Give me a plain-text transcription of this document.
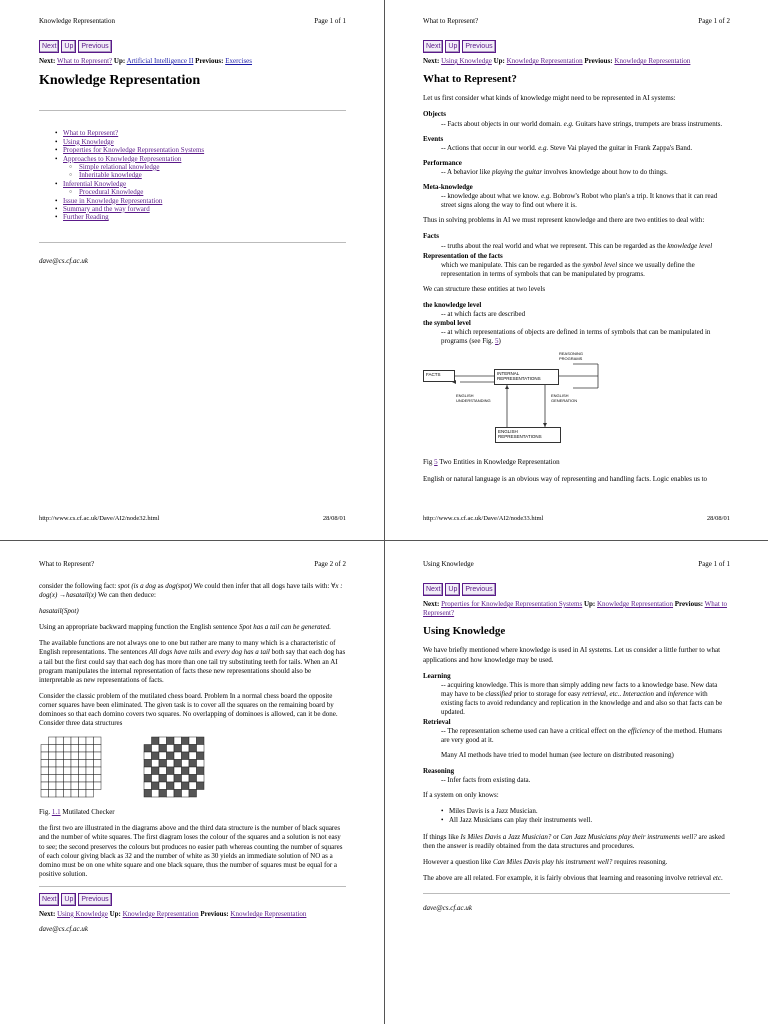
Knowledge Representation	Page 1 of 1
Next	Up	Previous
Next: What to Represent? Up: Artificial Intelligence II Previous: Exercises
Knowledge Representation
• What to Represent?
• Using Knowledge
• Properties for Knowledge Representation Systems
• Approaches to Knowledge Representation
○ Simple relational knowledge
○ Inheritable knowledge
• Inferential Knowledge
○ Procedural Knowledge
• Issue in Knowledge Representation
• Summary and the way forward
• Further Reading
dave@cs.cf.ac.uk
http://www.cs.cf.ac.uk/Dave/AI2/node32.html	28/08/01
What to Represent?	Page 1 of 2
Next	Up	Previous
Next: Using Knowledge Up: Knowledge Representation Previous: Knowledge Representation
What to Represent?

Let us first consider what kinds of knowledge might need to be represented in AI systems:

Objects
-- Facts about objects in our world domain. e.g. Guitars have strings, trumpets are brass instruments.
Events
-- Actions that occur in our world. e.g. Steve Vai played the guitar in Frank Zappa's Band.
Performance
-- A behavior like playing the guitar involves knowledge about how to do things.
Meta-knowledge
-- knowledge about what we know. e.g. Bobrow's Robot who plan's a trip. It knows that it can read street signs along the way to find out where it is.

Thus in solving problems in AI we must represent knowledge and there are two entities to deal with:

Facts
-- truths about the real world and what we represent. This can be regarded as the knowledge level
Representation of the facts
which we manipulate. This can be regarded as the symbol level since we usually define the representation in terms of symbols that can be manipulated by programs.

We can structure these entities at two levels

the knowledge level
-- at which facts are described
the symbol level
-- at which representations of objects are defined in terms of symbols that can be manipulated in programs (see Fig. 5)
FACTS	INTERNAL REPRESENTATIONS
ENGLISH REPRESENTATIONS
REASONING PROGRAMS
ENGLISH UNDERSTANDING
ENGLISH GENERATION

Fig 5 Two Entities in Knowledge Representation

English or natural language is an obvious way of representing and handling facts. Logic enables us to

http://www.cs.cf.ac.uk/Dave/AI2/node33.html	28/08/01
What to Represent?	Page 2 of 2

consider the following fact: spot (is a dog as dog(spot) We could then infer that all dogs have tails with: ∀x : dog(x) →hasatail(x) We can then deduce:

hasatail(Spot)

Using an appropriate backward mapping function the English sentence Spot has a tail can be generated.

The available functions are not always one to one but rather are many to many which is a characteristic of English representations. The sentences All dogs have tails and every dog has a tail both say that each dog has a tail but the first could say that each dog has more than one tail try substituting teeth for tails. When an AI program manipulates the internal representation of facts these new representations should also be interpretable as new representations of facts.

Consider the classic problem of the mutilated chess board. Problem In a normal chess board the opposite corner squares have been eliminated. The given task is to cover all the squares on the remaining board by dominoes so that each domino covers two squares. No overlapping of dominoes is allowed, can it be done. Consider three data structures

Fig. 1.1 Mutilated Checker

the first two are illustrated in the diagrams above and the third data structure is the number of black squares and the number of white squares. The first diagram loses the colour of the squares and a solution is not easy to see; the second preserves the colours but produces no easier path whereas counting the number of squares of each colour giving black as 32 and the number of white as 30 yields an immediate solution of NO as a domino must be on one white square and one black square, thus the number of squares must be equal for a positive solution.

Next	Up	Previous
Next: Using Knowledge Up: Knowledge Representation Previous: Knowledge Representation
dave@cs.cf.ac.uk
Using Knowledge	Page 1 of 1
Next	Up	Previous
Next: Properties for Knowledge Representation Systems Up: Knowledge Representation Previous: What to Represent?
Using Knowledge

We have briefly mentioned where knowledge is used in AI systems. Let us consider a little further to what applications and how knowledge may be used.

Learning
-- acquiring knowledge. This is more than simply adding new facts to a knowledge base. New data may have to be classified prior to storage for easy retrieval, etc.. Interaction and inference with existing facts to avoid redundancy and replication in the knowledge and and also so that facts can be updated.
Retrieval
-- The representation scheme used can have a critical effect on the efficiency of the method. Humans are very good at it.
Many AI methods have tried to model human (see lecture on distributed reasoning)
Reasoning
-- Infer facts from existing data.

If a system on only knows:

• Miles Davis is a Jazz Musician.
• All Jazz Musicians can play their instruments well.

If things like Is Miles Davis a Jazz Musician? or Can Jazz Musicians play their instruments well? are asked then the answer is readily obtained from the data structures and procedures.

However a question like Can Miles Davis play his instrument well? requires reasoning.

The above are all related. For example, it is fairly obvious that learning and reasoning involve retrieval etc.

dave@cs.cf.ac.uk
